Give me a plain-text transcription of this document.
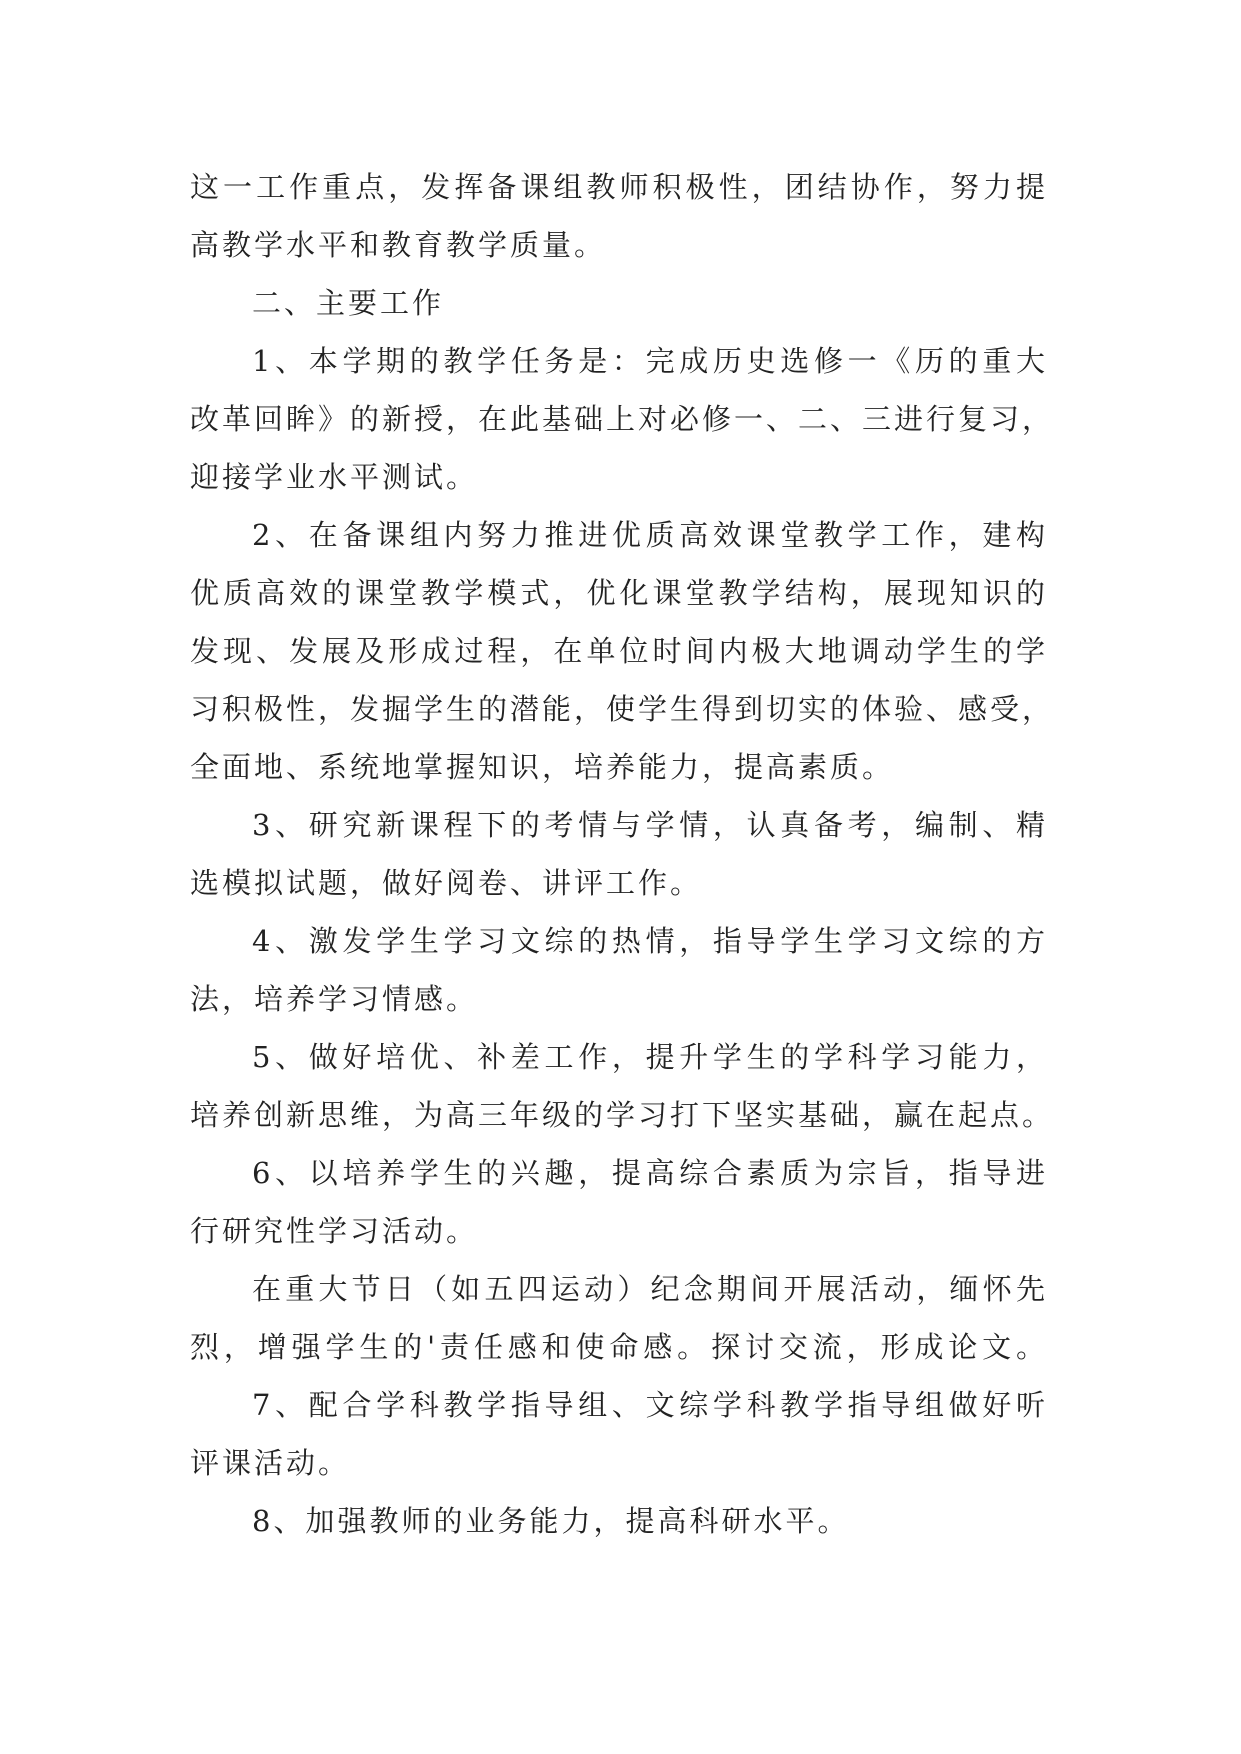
这一工作重点，发挥备课组教师积极性，团结协作，努力提
高教学水平和教育教学质量。
二、主要工作
1、本学期的教学任务是：完成历史选修一《历的重大
改革回眸》的新授，在此基础上对必修一、二、三进行复习，
迎接学业水平测试。
2、在备课组内努力推进优质高效课堂教学工作，建构
优质高效的课堂教学模式，优化课堂教学结构，展现知识的
发现、发展及形成过程，在单位时间内极大地调动学生的学
习积极性，发掘学生的潜能，使学生得到切实的体验、感受，
全面地、系统地掌握知识，培养能力，提高素质。
3、研究新课程下的考情与学情，认真备考，编制、精
选模拟试题，做好阅卷、讲评工作。
4、激发学生学习文综的热情，指导学生学习文综的方
法，培养学习情感。
5、做好培优、补差工作，提升学生的学科学习能力，
培养创新思维，为高三年级的学习打下坚实基础，赢在起点。
6、以培养学生的兴趣，提高综合素质为宗旨，指导进
行研究性学习活动。
在重大节日（如五四运动）纪念期间开展活动，缅怀先
烈，增强学生的'责任感和使命感。探讨交流，形成论文。
7、配合学科教学指导组、文综学科教学指导组做好听
评课活动。
8、加强教师的业务能力，提高科研水平。
